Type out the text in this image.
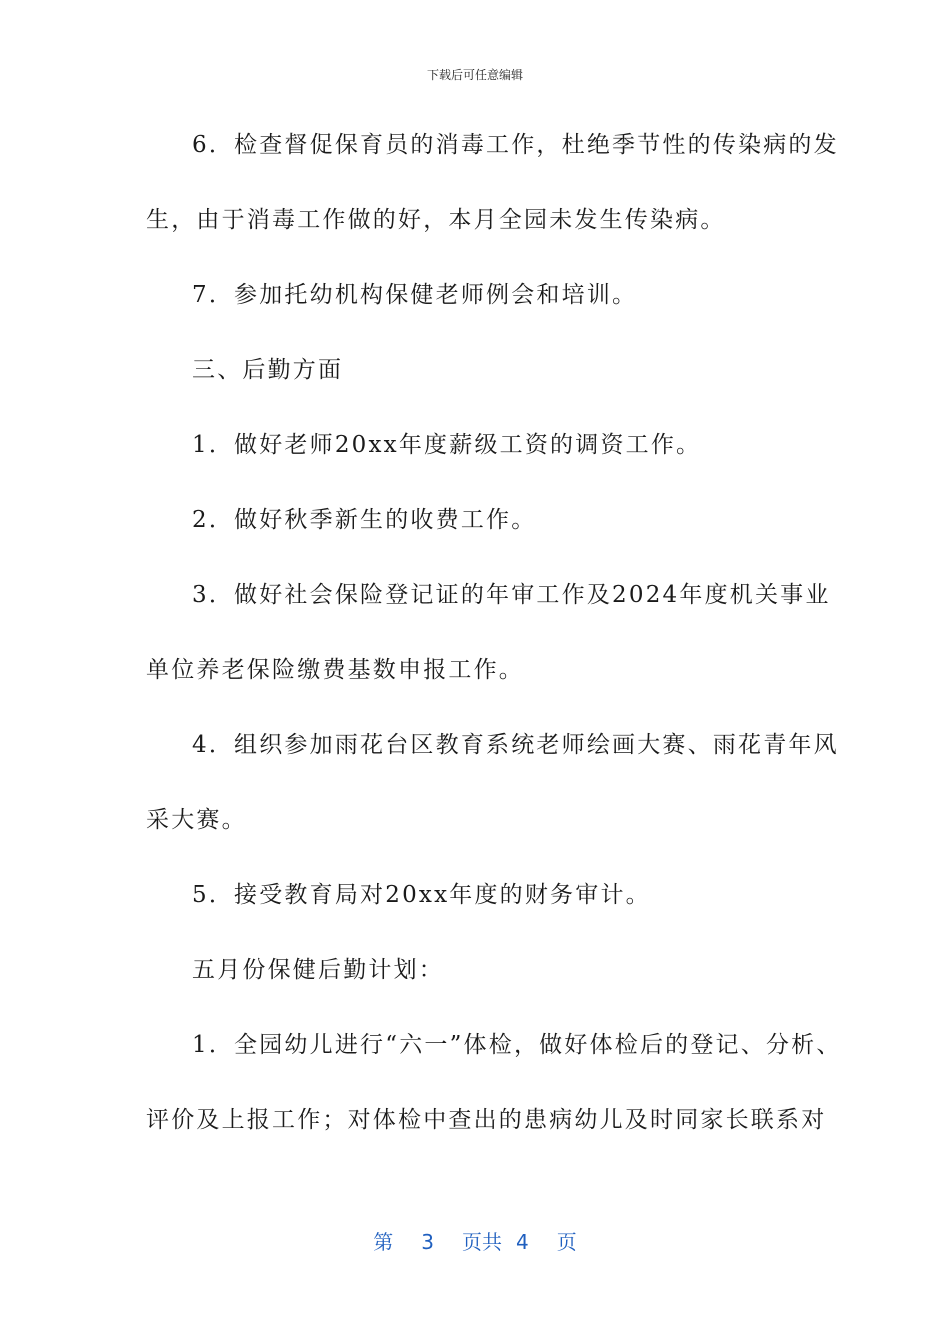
下载后可任意编辑
6．检查督促保育员的消毒工作，杜绝季节性的传染病的发
生，由于消毒工作做的好，本月全园未发生传染病。
7．参加托幼机构保健老师例会和培训。
三、后勤方面
1．做好老师20xx年度薪级工资的调资工作。
2．做好秋季新生的收费工作。
3．做好社会保险登记证的年审工作及2024年度机关事业
单位养老保险缴费基数申报工作。
4．组织参加雨花台区教育系统老师绘画大赛、雨花青年风
采大赛。
5．接受教育局对20xx年度的财务审计。
五月份保健后勤计划：
1．全园幼儿进行“六一”体检，做好体检后的登记、分析、
评价及上报工作；对体检中查出的患病幼儿及时同家长联系对
第 3 页共 4 页
